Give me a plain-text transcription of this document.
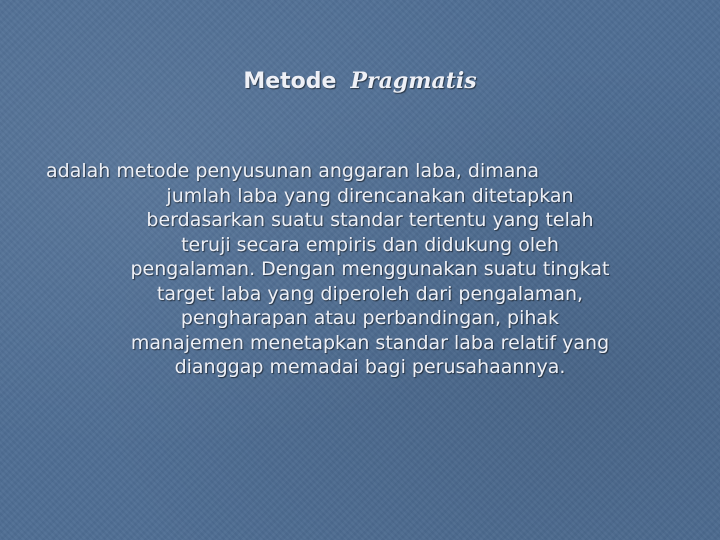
Metode Pragmatis
adalah metode penyusunan anggaran laba, dimana
jumlah laba yang direncanakan ditetapkan
berdasarkan suatu standar tertentu yang telah
teruji secara empiris dan didukung oleh
pengalaman. Dengan menggunakan suatu tingkat
target laba yang diperoleh dari pengalaman,
pengharapan atau perbandingan, pihak
manajemen menetapkan standar laba relatif yang
dianggap memadai bagi perusahaannya.
